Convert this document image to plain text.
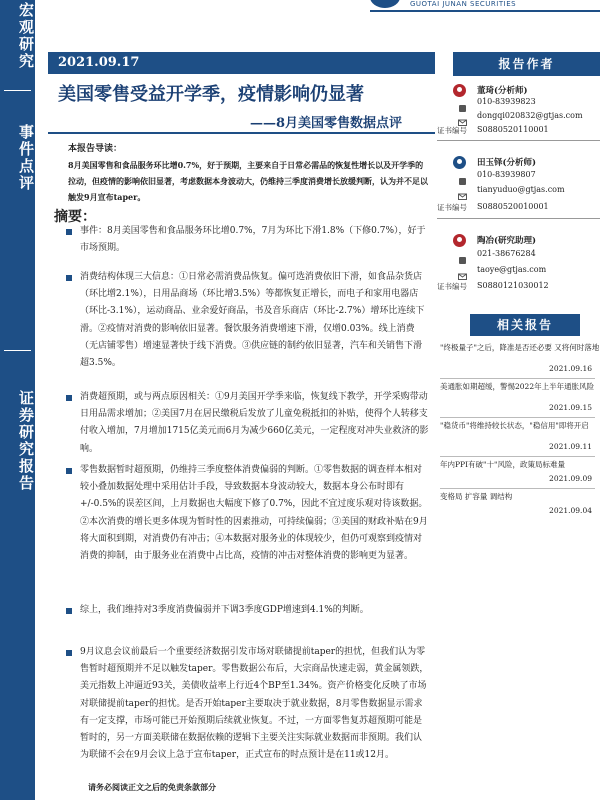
宏观研究
事件点评
证券研究报告
GUOTAI JUNAN SECURITIES
2021.09.17
美国零售受益开学季，疫情影响仍显著
——8月美国零售数据点评
本报告导读：
8月美国零售和食品服务环比增0.7%，好于预期，主要来自于日常必需品的恢复性增长以及开学季的拉动，但疫情的影响依旧显著，考虑数据本身波动大，仍维持三季度消费增长放缓判断，认为并不足以触发9月宣布taper。
摘要：
事件：8月美国零售和食品服务环比增0.7%，7月为环比下滑1.8%（下修0.7%），好于市场预期。
消费结构体现三大信息：①日常必需消费品恢复。偏可选消费依旧下滑，如食品杂货店（环比增2.1%），日用品商场（环比增3.5%）等都恢复正增长，而电子和家用电器店（环比-3.1%），运动商品、业余爱好商品，书及音乐商店（环比-2.7%）增环比连续下滑。②疫情对消费的影响依旧显著。餐饮服务消费增速下滑，仅增0.03%。线上消费（无店铺零售）增速显著快于线下消费。③供应链的制约依旧显著，汽车和关销售下滑超3.5%。
消费超预期，或与两点原因相关：①9月美国开学季来临，恢复线下教学，开学采购带动日用品需求增加；②美国7月在居民缴税后发放了儿童免税抵扣的补贴，使得个人转移支付收入增加，7月增加1715亿美元而6月为减少660亿美元，一定程度对冲失业救济的影响。
零售数据暂时超预期，仍维持三季度整体消费偏弱的判断。①零售数据的调查样本相对较小叠加数据处理中采用估计手段，导致数据本身波动较大，数据本身公布时即有+/-0.5%的误差区间，上月数据也大幅度下修了0.7%，因此不宜过度乐观对待该数据。②本次消费的增长更多体现为暂时性的因素推动，可持续偏弱；③美国的财政补贴在9月将大面积到期，对消费仍有冲击；④本数据对服务业的体现较少，但仍可观察到疫情对消费的抑制，由于服务业在消费中占比高，疫情的冲击对整体消费的影响更为显著。
综上，我们维持对3季度消费偏弱并下调3季度GDP增速到4.1%的判断。
9月议息会议前最后一个重要经济数据引发市场对联储提前taper的担忧，但我们认为零售暂时超预期并不足以触发taper。零售数据公布后，大宗商品快速走弱，黄金属领跌，美元指数上冲逼近93关，美债收益率上行近4个BP至1.34%。资产价格变化反映了市场对联储提前taper的担忧。是否开始taper主要取决于就业数据，8月零售数据显示需求有一定支撑，市场可能已开始预期后续就业恢复。不过，一方面零售复苏超预期可能是暂时的，另一方面美联储在数据依赖的逻辑下主要关注实际就业数据而非预期。我们认为联储不会在9月会议上急于宣布taper，正式宣布的时点预计是在11或12月。
请务必阅读正文之后的免责条款部分
报告作者
董琦(分析师)
010-83939823
dongqi020832@gtjas.com
证书编号 S0880520110001
田玉铎(分析师)
010-83939807
tianyuduo@gtjas.com
证书编号 S0880520010001
陶冶(研究助理)
021-38676284
taoye@gtjas.com
证书编号 S0880121030012
相关报告
"终极量子"之后，降准是否还必要 又将何时落地
2021.09.16
美通胀如期超缓，警惕2022年上半年通胀风险
2021.09.15
"稳货币"将维持较长状态，"稳信用"即将开启
2021.09.11
年内PPI有破"十"风险，政策局标难量
2021.09.09
变格局 扩容量 调结构
2021.09.04
